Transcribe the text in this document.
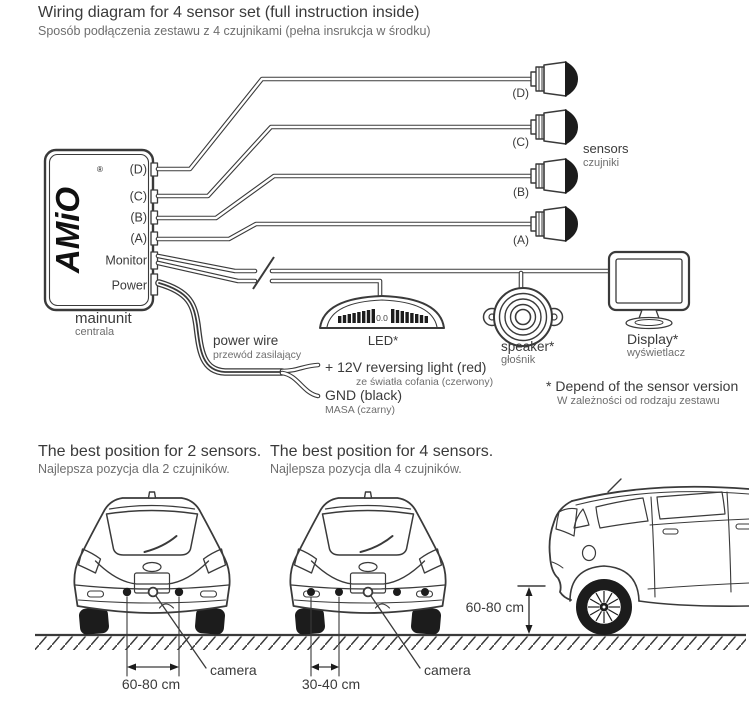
Wiring diagram for 4 sensor set (full instruction inside)
Sposób podłączenia zestawu z 4 czujnikami (pełna insrukcja w środku)
AMiO
® (D)
(C)
(B)
(A)
Monitor
Power
mainunit
centrala
(D)
(C)
(B)
(A)
sensors
czujniki
0.0
LED*	speaker*
głośnik
Display*
wyświetlacz
power wire
przewód zasilający
+ 12V reversing light (red)
ze światła cofania (czerwony)
GND (black)
MASA (czarny)
* Depend of the sensor version
W zależności od rodzaju zestawu
The best position for 2 sensors.
Najlepsza pozycja dla 2 czujników.
The best position for 4 sensors.
Najlepsza pozycja dla 4 czujników.
60-80 cm
camera
30-40 cm
camera
60-80 cm
